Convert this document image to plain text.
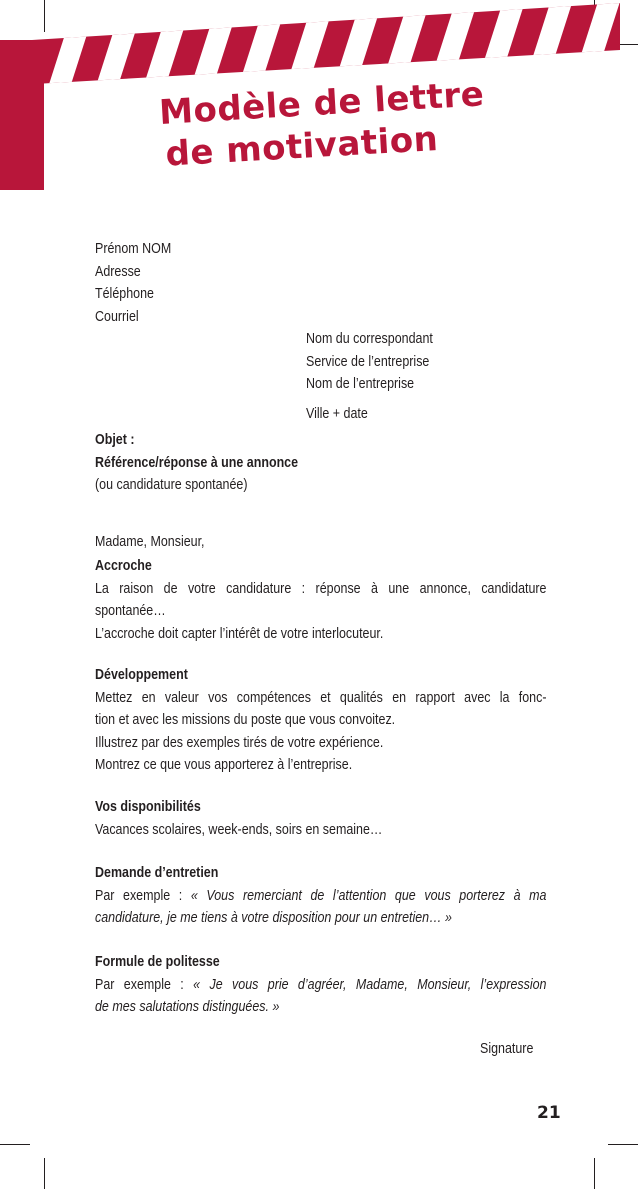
Modèle de lettre
de motivation
Prénom NOM
Adresse
Téléphone
Courriel
Nom du correspondant
Service de l’entreprise
Nom de l’entreprise
Ville + date
Objet :
Référence/réponse à une annonce
(ou candidature spontanée)
Madame, Monsieur,
Accroche
La raison de votre candidature : réponse à une annonce, candidature
spontanée…
L’accroche doit capter l’intérêt de votre interlocuteur.
Développement
Mettez en valeur vos compétences et qualités en rapport avec la fonc-
tion et avec les missions du poste que vous convoitez.
Illustrez par des exemples tirés de votre expérience.
Montrez ce que vous apporterez à l’entreprise.
Vos disponibilités
Vacances scolaires, week-ends, soirs en semaine…
Demande d’entretien
Par exemple : « Vous remerciant de l’attention que vous porterez à ma
candidature, je me tiens à votre disposition pour un entretien… »
Formule de politesse
Par exemple : « Je vous prie d’agréer, Madame, Monsieur, l’expression
de mes salutations distinguées. »
Signature
21
